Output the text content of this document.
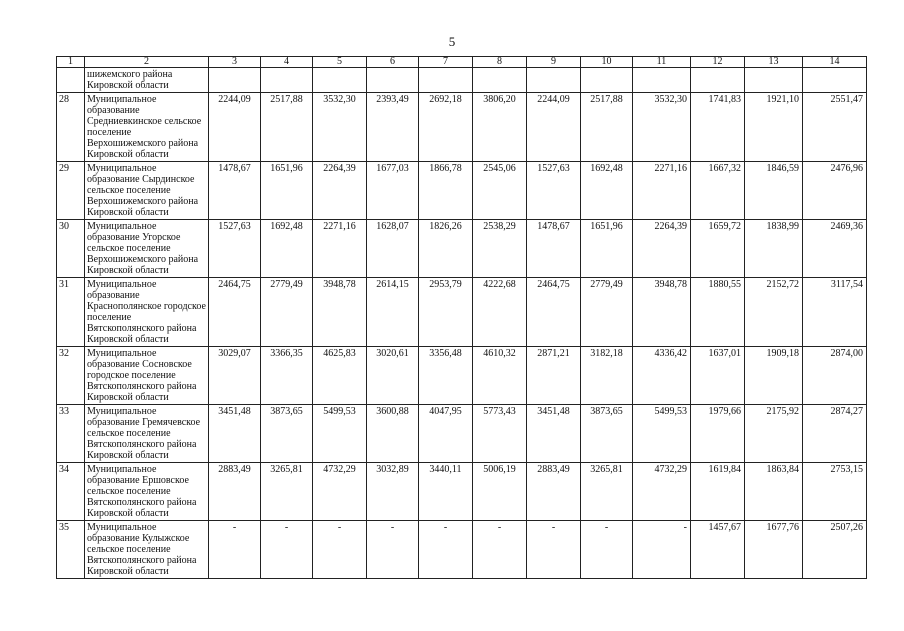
5
1	2	3	4	5	6	7	8	9	10	11	12	13	14
	шижемского района Кировской области												
28	Муниципальное образование Средниевкинское сельское поселение Верхошижемского района Кировской области	2244,09	2517,88	3532,30	2393,49	2692,18	3806,20	2244,09	2517,88	3532,30	1741,83	1921,10	2551,47
29	Муниципальное образование Сырдинское сельское поселение Верхошижемского района Кировской области	1478,67	1651,96	2264,39	1677,03	1866,78	2545,06	1527,63	1692,48	2271,16	1667,32	1846,59	2476,96
30	Муниципальное образование Угорское сельское поселение Верхошижемского района Кировской области	1527,63	1692,48	2271,16	1628,07	1826,26	2538,29	1478,67	1651,96	2264,39	1659,72	1838,99	2469,36
31	Муниципальное образование Краснополянское городское поселение Вятскополянского района Кировской области	2464,75	2779,49	3948,78	2614,15	2953,79	4222,68	2464,75	2779,49	3948,78	1880,55	2152,72	3117,54
32	Муниципальное образование Сосновское городское поселение Вятскополянского района Кировской области	3029,07	3366,35	4625,83	3020,61	3356,48	4610,32	2871,21	3182,18	4336,42	1637,01	1909,18	2874,00
33	Муниципальное образование Гремячевское сельское поселение Вятскополянского района Кировской области	3451,48	3873,65	5499,53	3600,88	4047,95	5773,43	3451,48	3873,65	5499,53	1979,66	2175,92	2874,27
34	Муниципальное образование Ершовское сельское поселение Вятскополянского района Кировской области	2883,49	3265,81	4732,29	3032,89	3440,11	5006,19	2883,49	3265,81	4732,29	1619,84	1863,84	2753,15
35	Муниципальное образование Кулыжское сельское поселение Вятскополянского района Кировской области	-	-	-	-	-	-	-	-	-	1457,67	1677,76	2507,26
